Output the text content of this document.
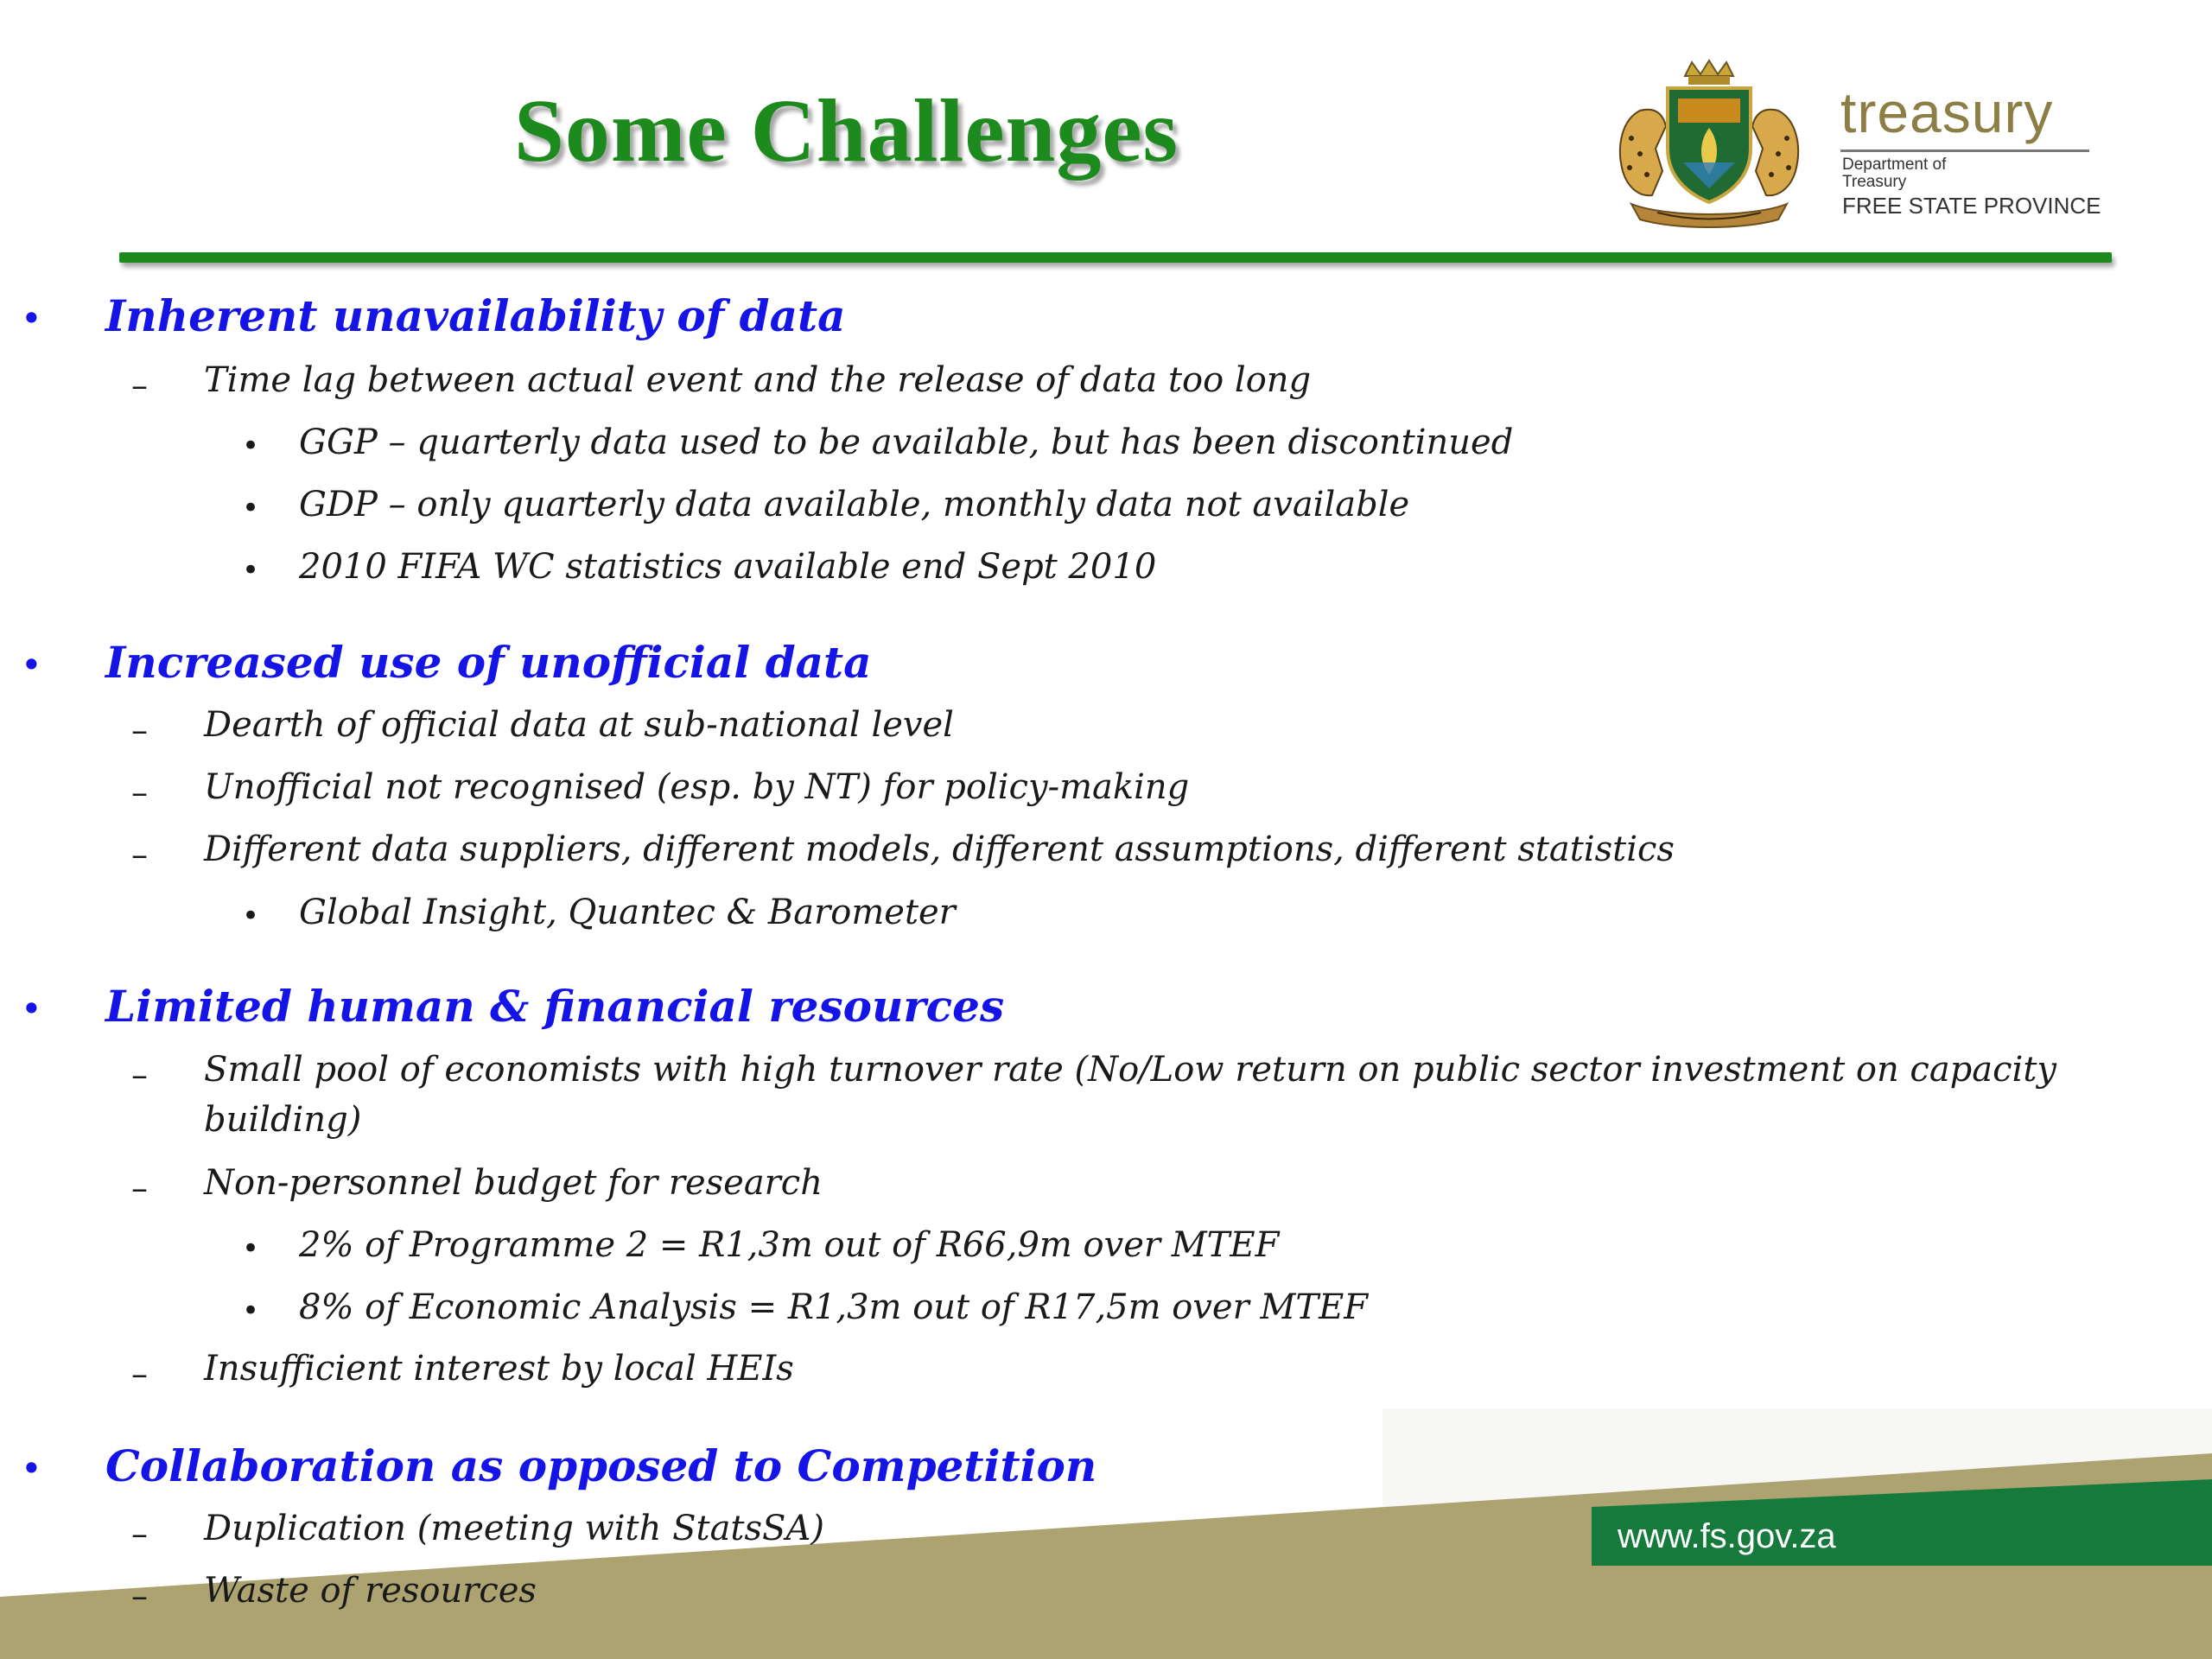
Some Challenges	treasury
Department of
Treasury
FREE STATE PROVINCE
• Inherent unavailability of data
– Time lag between actual event and the release of data too long
• GGP – quarterly data used to be available, but has been discontinued
• GDP – only quarterly data available, monthly data not available
• 2010 FIFA WC statistics available end Sept 2010
• Increased use of unofficial data
– Dearth of official data at sub-national level
– Unofficial not recognised (esp. by NT) for policy-making
– Different data suppliers, different models, different assumptions, different statistics
• Global Insight, Quantec & Barometer
• Limited human & financial resources
– Small pool of economists with high turnover rate (No/Low return on public sector investment on capacity
building)
– Non-personnel budget for research
• 2% of Programme 2 = R1,3m out of R66,9m over MTEF
• 8% of Economic Analysis = R1,3m out of R17,5m over MTEF
– Insufficient interest by local HEIs
• Collaboration as opposed to Competition
– Duplication (meeting with StatsSA)
– Waste of resources
www.fs.gov.za
